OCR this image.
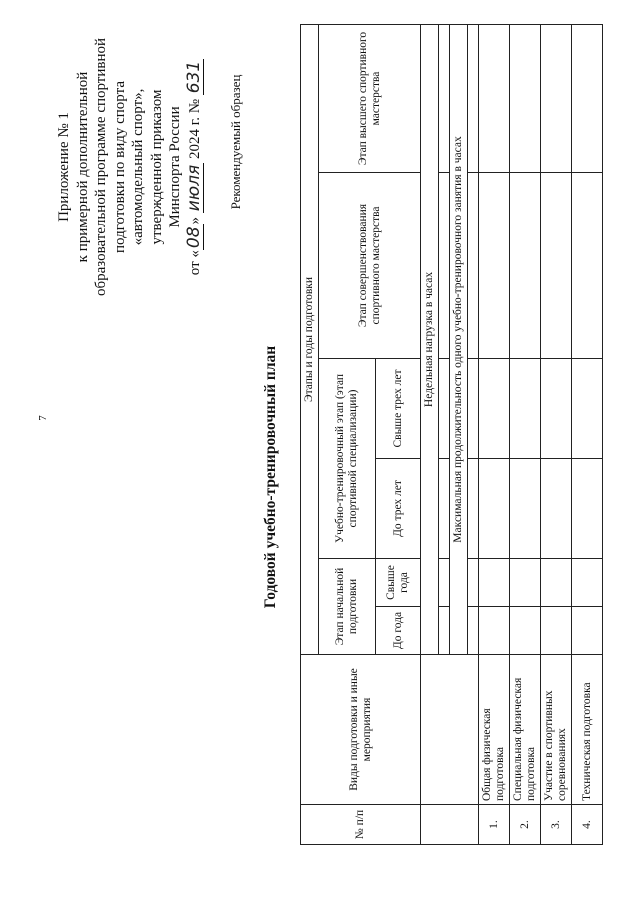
7
Приложение № 1 к примерной дополнительной образовательной программе спортивной подготовки по виду спорта «автомодельный спорт», утвержденной приказом Минспорта России
от «08» июля 2024 г. № 631 Рекомендуемый образец
Годовой учебно-тренировочный план
№ п/п	Виды подготовки и иные мероприятия	Этапы и годы подготовки					
		Этап начальной подготовки		Учебно-тренировочный этап (этап спортивной специализации)		Этап совершенствования спортивного мастерства	Этап высшего спортивного мастерства
		До года	Свыше года	До трех лет	Свыше трех лет		
		Недельная нагрузка в часах					

		Максимальная продолжительность одного учебно-тренировочного занятия в часах					

1.	Общая физическая подготовка						
2.	Специальная физическая подготовка						
3.	Участие в спортивных соревнованиях						
4.	Техническая подготовка						
